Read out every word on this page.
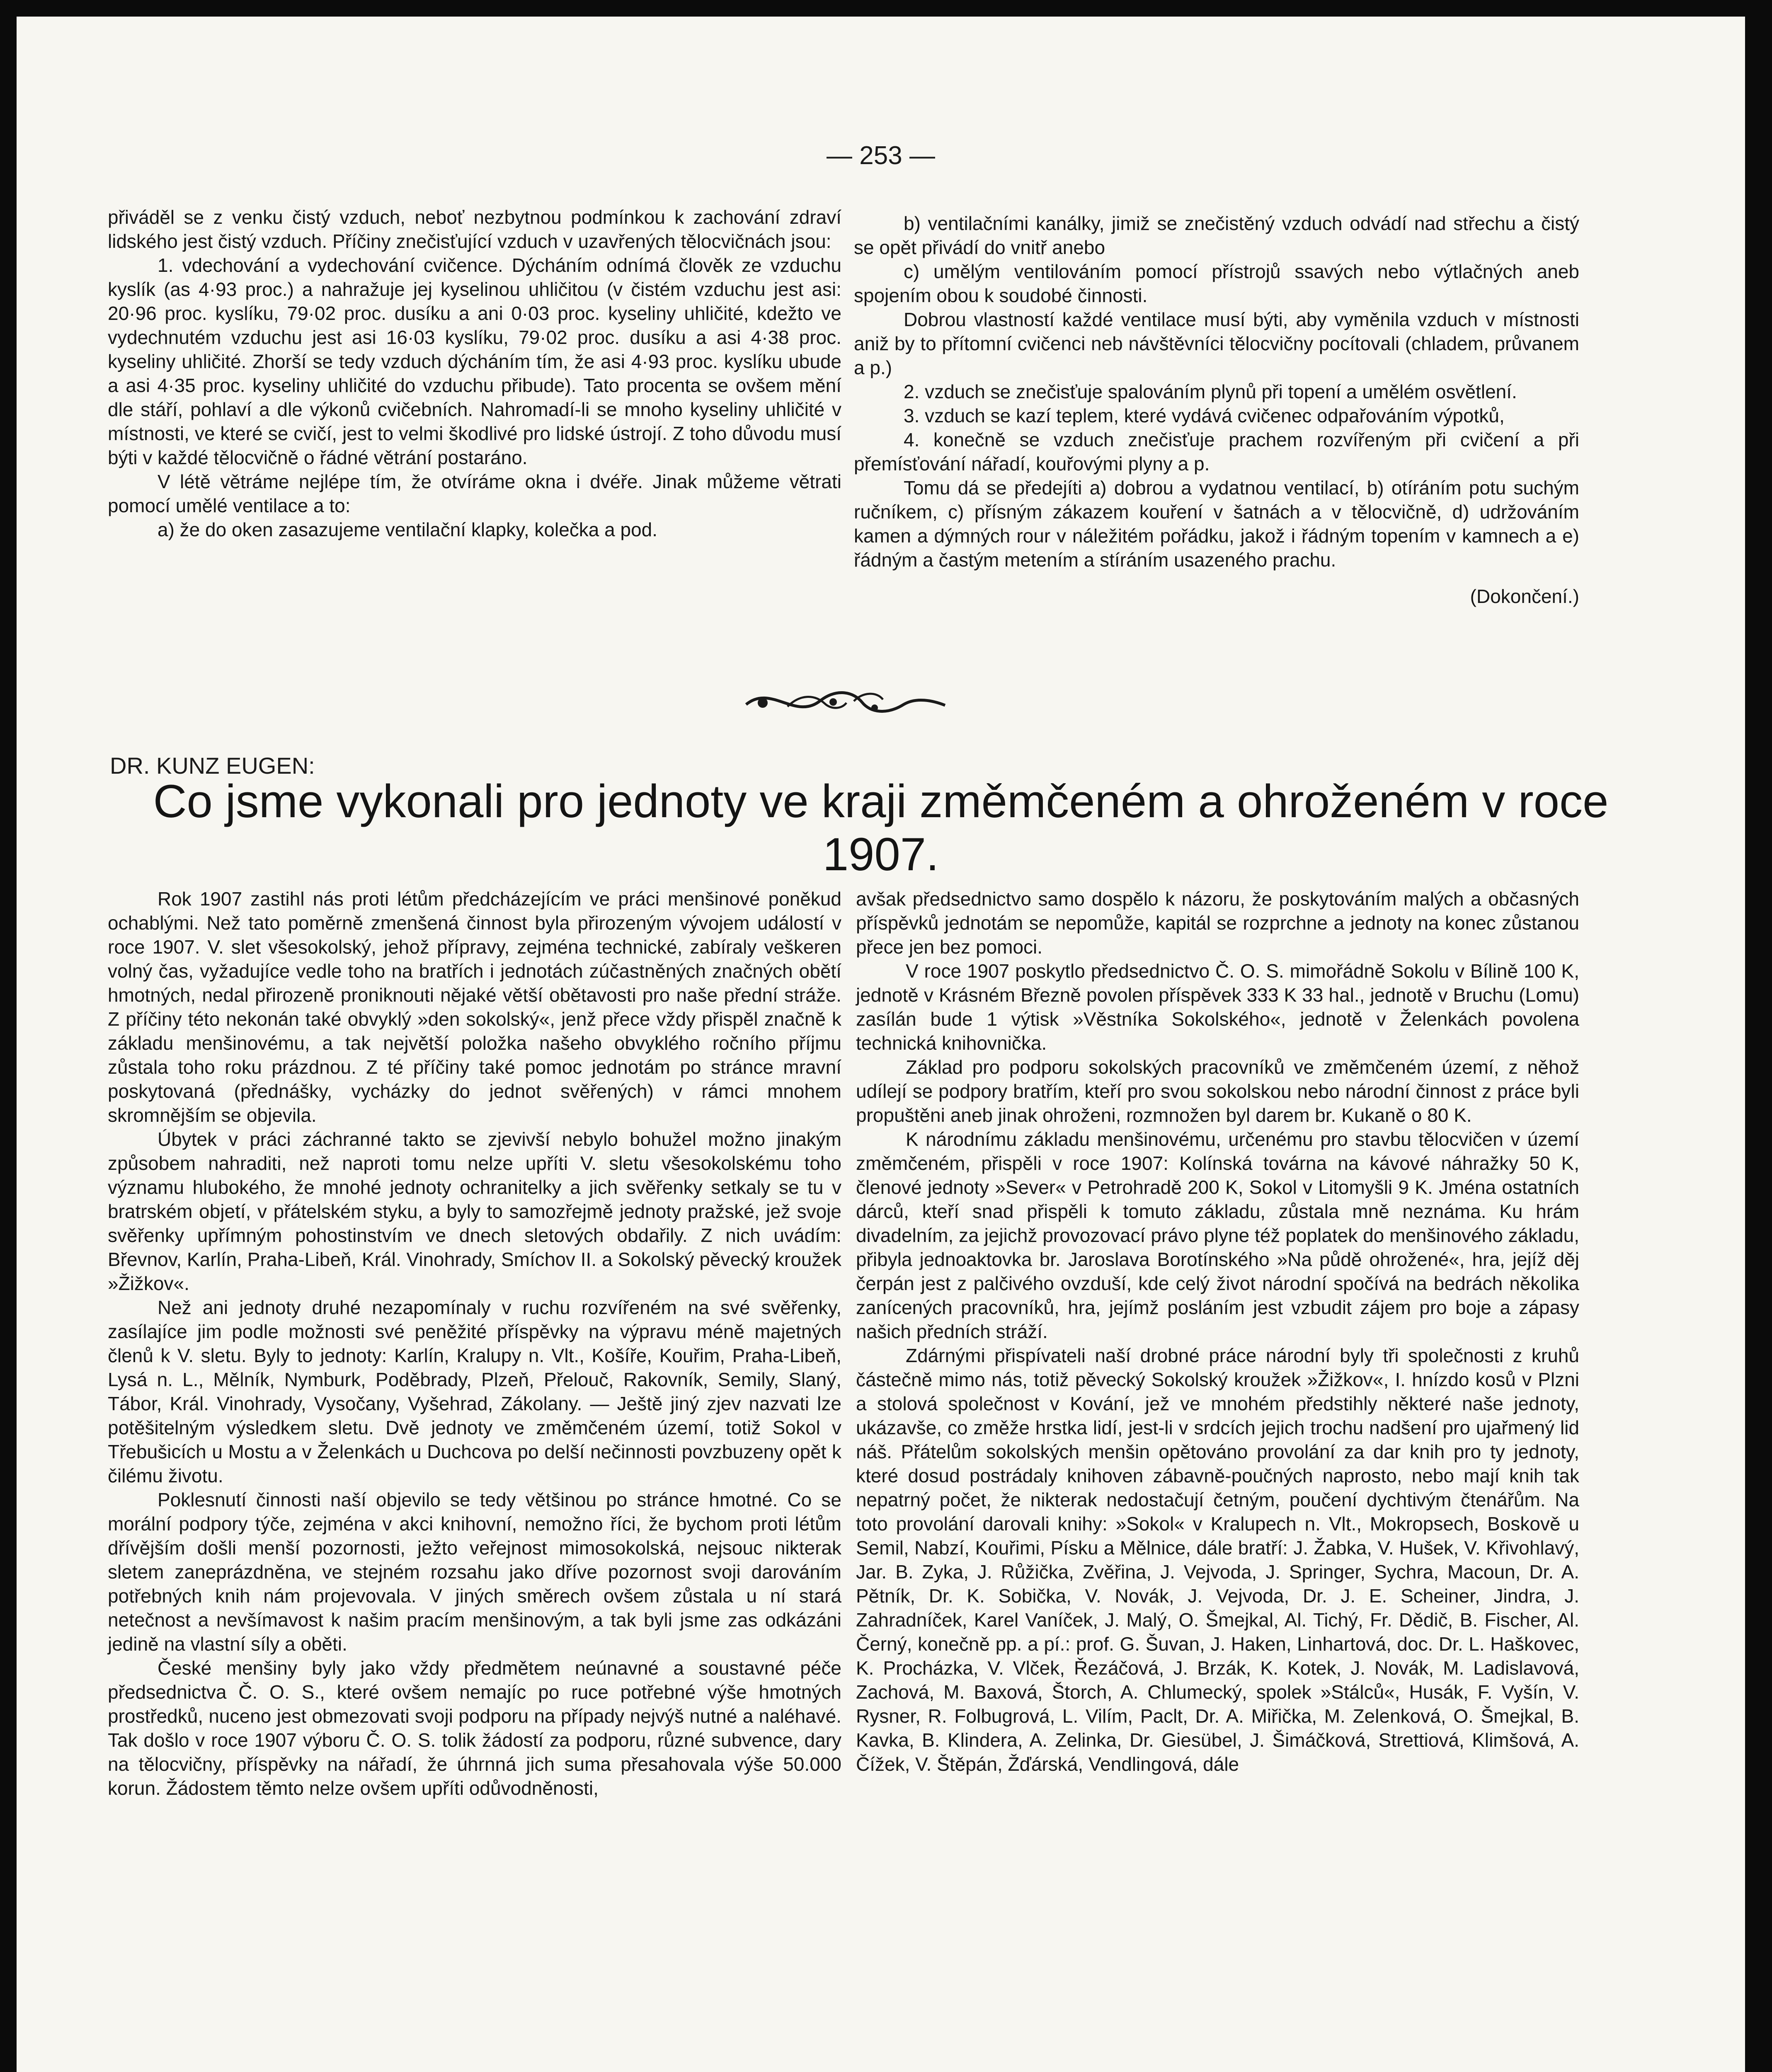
— 253 —

přiváděl se z venku čistý vzduch, neboť nezbytnou podmínkou k zachování zdraví lidského jest čistý vzduch. Příčiny znečisťující vzduch v uzavřených tělocvičnách jsou:

1. vdechování a vydechování cvičence. Dýcháním odnímá člověk ze vzduchu kyslík (as 4·93 proc.) a nahražuje jej kyselinou uhličitou (v čistém vzduchu jest asi: 20·96 proc. kyslíku, 79·02 proc. dusíku a ani 0·03 proc. kyseliny uhličité, kdežto ve vydechnutém vzduchu jest asi 16·03 kyslíku, 79·02 proc. dusíku a asi 4·38 proc. kyseliny uhličité. Zhorší se tedy vzduch dýcháním tím, že asi 4·93 proc. kyslíku ubude a asi 4·35 proc. kyseliny uhličité do vzduchu přibude). Tato procenta se ovšem mění dle stáří, pohlaví a dle výkonů cvičebních. Nahromadí-li se mnoho kyseliny uhličité v místnosti, ve které se cvičí, jest to velmi škodlivé pro lidské ústrojí. Z toho důvodu musí býti v každé tělocvičně o řádné větrání postaráno.

V létě větráme nejlépe tím, že otvíráme okna i dvéře. Jinak můžeme větrati pomocí umělé ventilace a to:

a) že do oken zasazujeme ventilační klapky, kolečka a pod.

b) ventilačními kanálky, jimiž se znečistěný vzduch odvádí nad střechu a čistý se opět přivádí do vnitř anebo

c) umělým ventilováním pomocí přístrojů ssavých nebo výtlačných aneb spojením obou k soudobé činnosti.

Dobrou vlastností každé ventilace musí býti, aby vyměnila vzduch v místnosti aniž by to přítomní cvičenci neb návštěvníci tělocvičny pocítovali (chladem, průvanem a p.)

2. vzduch se znečisťuje spalováním plynů při topení a umělém osvětlení.

3. vzduch se kazí teplem, které vydává cvičenec odpařováním výpotků,

4. konečně se vzduch znečisťuje prachem rozvířeným při cvičení a při přemísťování nářadí, kouřovými plyny a p.

Tomu dá se předejíti a) dobrou a vydatnou ventilací, b) otíráním potu suchým ručníkem, c) přísným zákazem kouření v šatnách a v tělocvičně, d) udržováním kamen a dýmných rour v náležitém pořádku, jakož i řádným topením v kamnech a e) řádným a častým metením a stíráním usazeného prachu.

(Dokončení.)

DR. KUNZ EUGEN:
Co jsme vykonali pro jednoty ve kraji změmčeném a ohroženém v roce 1907.

Rok 1907 zastihl nás proti létům předcházejícím ve práci menšinové poněkud ochablými. Než tato poměrně zmenšená činnost byla přirozeným vývojem událostí v roce 1907. V. slet všesokolský, jehož přípravy, zejména technické, zabíraly veškeren volný čas, vyžadujíce vedle toho na bratřích i jednotách zúčastněných značných obětí hmotných, nedal přirozeně proniknouti nějaké větší obětavosti pro naše přední stráže. Z příčiny této nekonán také obvyklý »den sokolský«, jenž přece vždy přispěl značně k základu menšinovému, a tak největší položka našeho obvyklého ročního příjmu zůstala toho roku prázdnou. Z té příčiny také pomoc jednotám po stránce mravní poskytovaná (přednášky, vycházky do jednot svěřených) v rámci mnohem skromnějším se objevila.

Úbytek v práci záchranné takto se zjevivší nebylo bohužel možno jinakým způsobem nahraditi, než naproti tomu nelze upříti V. sletu všesokolskému toho významu hlubokého, že mnohé jednoty ochranitelky a jich svěřenky setkaly se tu v bratrském objetí, v přátelském styku, a byly to samozřejmě jednoty pražské, jež svoje svěřenky upřímným pohostinstvím ve dnech sletových obdařily. Z nich uvádím: Břevnov, Karlín, Praha-Libeň, Král. Vinohrady, Smíchov II. a Sokolský pěvecký kroužek »Žižkov«.

Než ani jednoty druhé nezapomínaly v ruchu rozvířeném na své svěřenky, zasílajíce jim podle možnosti své peněžité příspěvky na výpravu méně majetných členů k V. sletu. Byly to jednoty: Karlín, Kralupy n. Vlt., Košíře, Kouřim, Praha-Libeň, Lysá n. L., Mělník, Nymburk, Poděbrady, Plzeň, Přelouč, Rakovník, Semily, Slaný, Tábor, Král. Vinohrady, Vysočany, Vyšehrad, Zákolany. — Ještě jiný zjev nazvati lze potěšitelným výsledkem sletu. Dvě jednoty ve změmčeném území, totiž Sokol v Třebušicích u Mostu a v Želenkách u Duchcova po delší nečinnosti povzbuzeny opět k čilému životu.

Poklesnutí činnosti naší objevilo se tedy většinou po stránce hmotné. Co se morální podpory týče, zejména v akci knihovní, nemožno říci, že bychom proti létům dřívějším došli menší pozornosti, ježto veřejnost mimosokolská, nejsouc nikterak sletem zaneprázdněna, ve stejném rozsahu jako dříve pozornost svoji darováním potřebných knih nám projevovala. V jiných směrech ovšem zůstala u ní stará netečnost a nevšímavost k našim pracím menšinovým, a tak byli jsme zas odkázáni jedině na vlastní síly a oběti.

České menšiny byly jako vždy předmětem neúnavné a soustavné péče předsednictva Č. O. S., které ovšem nemajíc po ruce potřebné výše hmotných prostředků, nuceno jest obmezovati svoji podporu na případy nejvýš nutné a naléhavé. Tak došlo v roce 1907 výboru Č. O. S. tolik žádostí za podporu, různé subvence, dary na tělocvičny, příspěvky na nářadí, že úhrnná jich suma přesahovala výše 50.000 korun. Žádostem těmto nelze ovšem upříti odůvodněnosti,

avšak předsednictvo samo dospělo k názoru, že poskytováním malých a občasných příspěvků jednotám se nepomůže, kapitál se rozprchne a jednoty na konec zůstanou přece jen bez pomoci.

V roce 1907 poskytlo předsednictvo Č. O. S. mimořádně Sokolu v Bílině 100 K, jednotě v Krásném Březně povolen příspěvek 333 K 33 hal., jednotě v Bruchu (Lomu) zasílán bude 1 výtisk »Věstníka Sokolského«, jednotě v Želenkách povolena technická knihovnička.

Základ pro podporu sokolských pracovníků ve změmčeném území, z něhož udílejí se podpory bratřím, kteří pro svou sokolskou nebo národní činnost z práce byli propuštěni aneb jinak ohroženi, rozmnožen byl darem br. Kukaně o 80 K.

K národnímu základu menšinovému, určenému pro stavbu tělocvičen v území změmčeném, přispěli v roce 1907: Kolínská továrna na kávové náhražky 50 K, členové jednoty »Sever« v Petrohradě 200 K, Sokol v Litomyšli 9 K. Jména ostatních dárců, kteří snad přispěli k tomuto základu, zůstala mně neznáma. Ku hrám divadelním, za jejichž provozovací právo plyne též poplatek do menšinového základu, přibyla jednoaktovka br. Jaroslava Borotínského »Na půdě ohrožené«, hra, jejíž děj čerpán jest z palčivého ovzduší, kde celý život národní spočívá na bedrách několika zanícených pracovníků, hra, jejímž posláním jest vzbudit zájem pro boje a zápasy našich předních stráží.

Zdárnými přispívateli naší drobné práce národní byly tři společnosti z kruhů částečně mimo nás, totiž pěvecký Sokolský kroužek »Žižkov«, I. hnízdo kosů v Plzni a stolová společnost v Kování, jež ve mnohém předstihly některé naše jednoty, ukázavše, co změže hrstka lidí, jest-li v srdcích jejich trochu nadšení pro ujařmený lid náš. Přátelům sokolských menšin opětováno provolání za dar knih pro ty jednoty, které dosud postrádaly knihoven zábavně-poučných naprosto, nebo mají knih tak nepatrný počet, že nikterak nedostačují četným, poučení dychtivým čtenářům. Na toto provolání darovali knihy: »Sokol« v Kralupech n. Vlt., Mokropsech, Boskově u Semil, Nabzí, Kouřimi, Písku a Mělnice, dále bratří: J. Žabka, V. Hušek, V. Křivohlavý, Jar. B. Zyka, J. Růžička, Zvěřina, J. Vejvoda, J. Springer, Sychra, Macoun, Dr. A. Pětník, Dr. K. Sobička, V. Novák, J. Vejvoda, Dr. J. E. Scheiner, Jindra, J. Zahradníček, Karel Vaníček, J. Malý, O. Šmejkal, Al. Tichý, Fr. Dědič, B. Fischer, Al. Černý, konečně pp. a pí.: prof. G. Šuvan, J. Haken, Linhartová, doc. Dr. L. Haškovec, K. Procházka, V. Vlček, Řezáčová, J. Brzák, K. Kotek, J. Novák, M. Ladislavová, Zachová, M. Baxová, Štorch, A. Chlumecký, spolek »Stálců«, Husák, F. Vyšín, V. Rysner, R. Folbugrová, L. Vilím, Paclt, Dr. A. Miřička, M. Zelenková, O. Šmejkal, B. Kavka, B. Klindera, A. Zelinka, Dr. Giesübel, J. Šimáčková, Strettiová, Klimšová, A. Čížek, V. Štěpán, Žďárská, Vendlingová, dále
